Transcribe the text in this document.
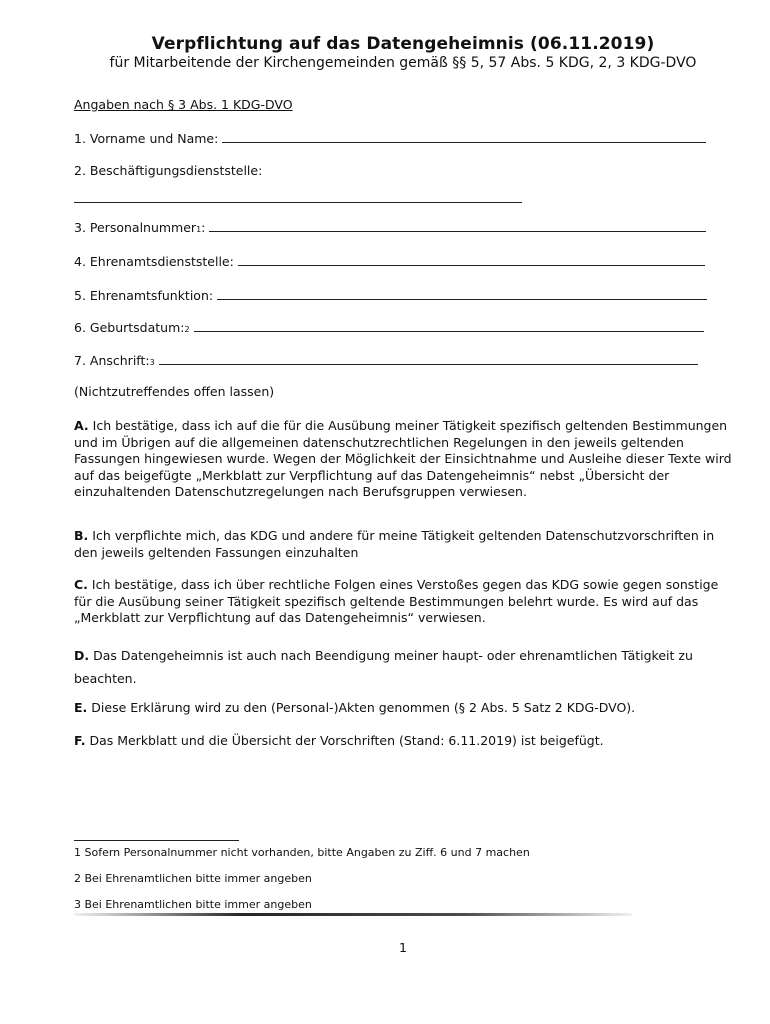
Verpflichtung auf das Datengeheimnis (06.11.2019)
für Mitarbeitende der Kirchengemeinden gemäß §§ 5, 57 Abs. 5 KDG, 2, 3 KDG-DVO
Angaben nach § 3 Abs. 1 KDG-DVO
1. Vorname und Name:
2. Beschäftigungsdienststelle:
3. Personalnummer 1 :
4. Ehrenamtsdienststelle:
5. Ehrenamtsfunktion:
6. Geburtsdatum: 2
7. Anschrift: 3
(Nichtzutreffendes offen lassen)
A. Ich bestätige, dass ich auf die für die Ausübung meiner Tätigkeit spezifisch geltenden Bestimmungen und im Übrigen auf die allgemeinen datenschutzrechtlichen Regelungen in den jeweils geltenden Fassungen hingewiesen wurde. Wegen der Möglichkeit der Einsichtnahme und Ausleihe dieser Texte wird auf das beigefügte „Merkblatt zur Verpflichtung auf das Datengeheimnis“ nebst „Übersicht der einzuhaltenden Datenschutzregelungen nach Berufsgruppen verwiesen.
B. Ich verpflichte mich, das KDG und andere für meine Tätigkeit geltenden Datenschutzvorschriften in den jeweils geltenden Fassungen einzuhalten
C. Ich bestätige, dass ich über rechtliche Folgen eines Verstoßes gegen das KDG sowie gegen sonstige für die Ausübung seiner Tätigkeit spezifisch geltende Bestimmungen belehrt wurde. Es wird auf das „Merkblatt zur Verpflichtung auf das Datengeheimnis“ verwiesen.
D. Das Datengeheimnis ist auch nach Beendigung meiner haupt- oder ehrenamtlichen Tätigkeit zu beachten.
E. Diese Erklärung wird zu den (Personal-)Akten genommen (§ 2 Abs. 5 Satz 2 KDG-DVO).
F. Das Merkblatt und die Übersicht der Vorschriften (Stand: 6.11.2019) ist beigefügt.
1 Sofern Personalnummer nicht vorhanden, bitte Angaben zu Ziff. 6 und 7 machen
2 Bei Ehrenamtlichen bitte immer angeben
3 Bei Ehrenamtlichen bitte immer angeben
1
